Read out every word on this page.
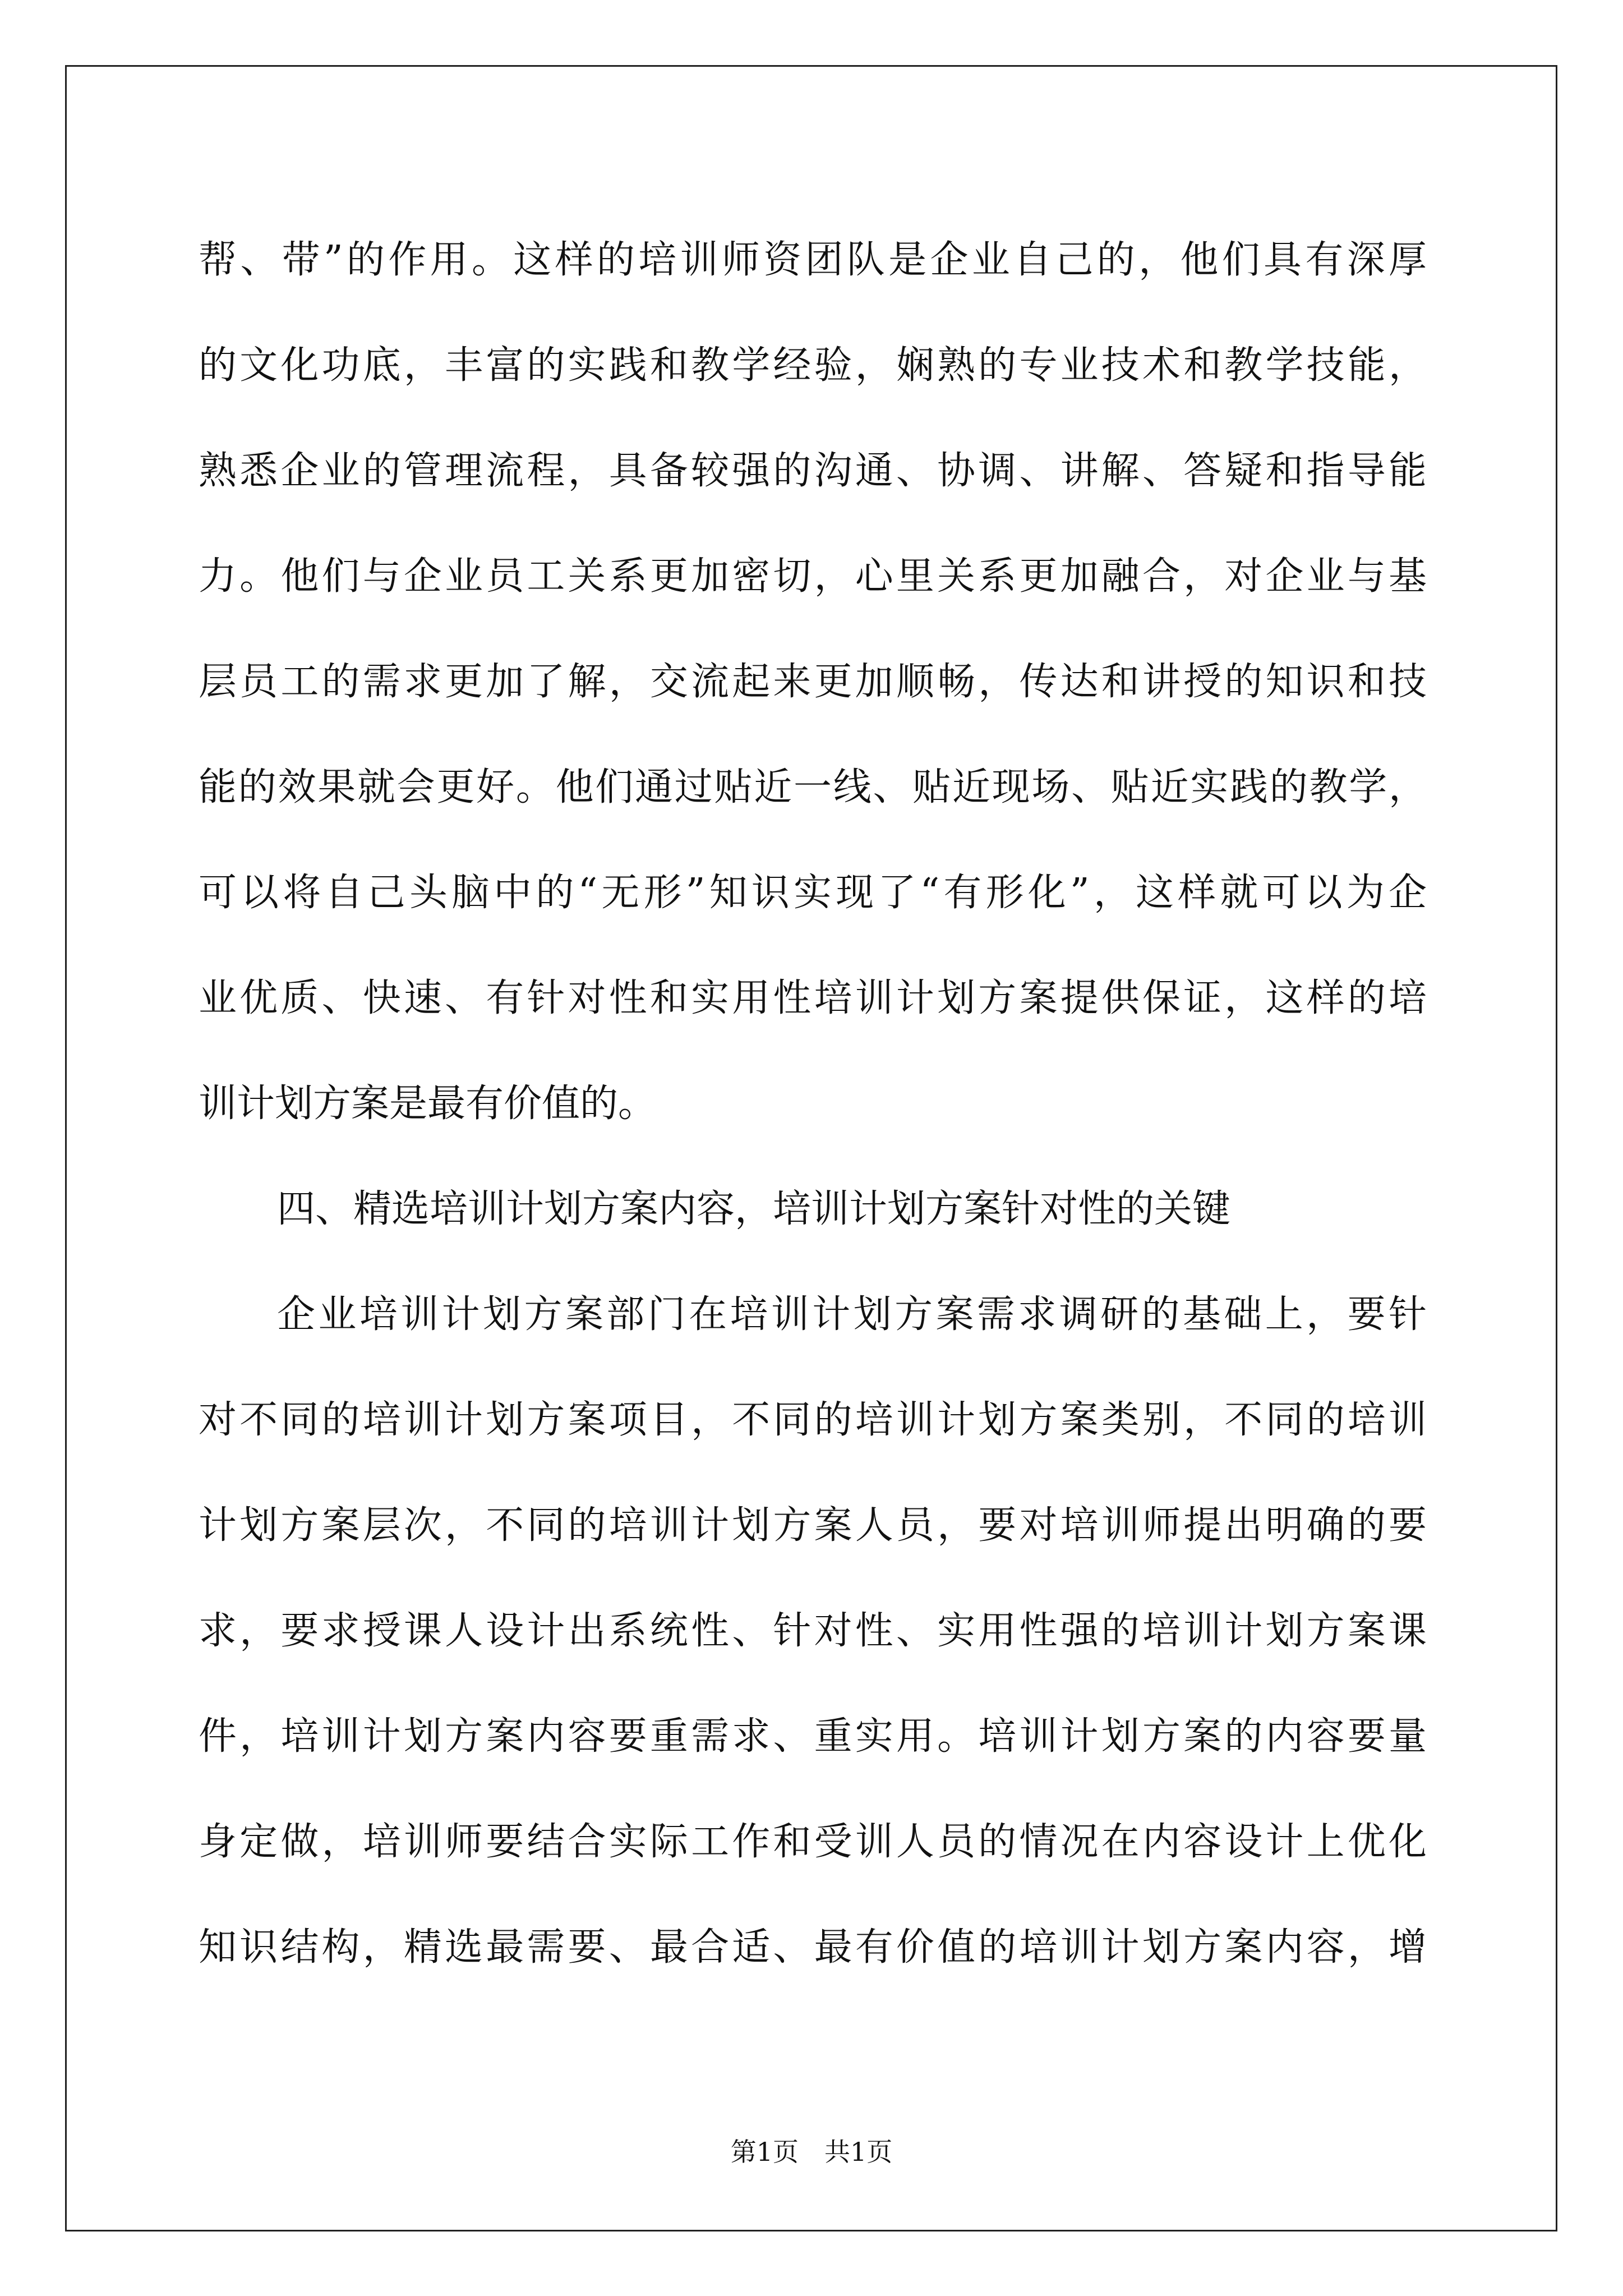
帮、带”的作用。这样的培训师资团队是企业自己的，他们具有深厚
的文化功底，丰富的实践和教学经验，娴熟的专业技术和教学技能，
熟悉企业的管理流程，具备较强的沟通、协调、讲解、答疑和指导能
力。他们与企业员工关系更加密切，心里关系更加融合，对企业与基
层员工的需求更加了解，交流起来更加顺畅，传达和讲授的知识和技
能的效果就会更好。他们通过贴近一线、贴近现场、贴近实践的教学，
可以将自己头脑中的“无形”知识实现了“有形化”，这样就可以为企
业优质、快速、有针对性和实用性培训计划方案提供保证，这样的培
训计划方案是最有价值的。
四、精选培训计划方案内容，培训计划方案针对性的关键
企业培训计划方案部门在培训计划方案需求调研的基础上，要针
对不同的培训计划方案项目，不同的培训计划方案类别，不同的培训
计划方案层次，不同的培训计划方案人员，要对培训师提出明确的要
求，要求授课人设计出系统性、针对性、实用性强的培训计划方案课
件，培训计划方案内容要重需求、重实用。培训计划方案的内容要量
身定做，培训师要结合实际工作和受训人员的情况在内容设计上优化
知识结构，精选最需要、最合适、最有价值的培训计划方案内容，增
第1页　共1页
